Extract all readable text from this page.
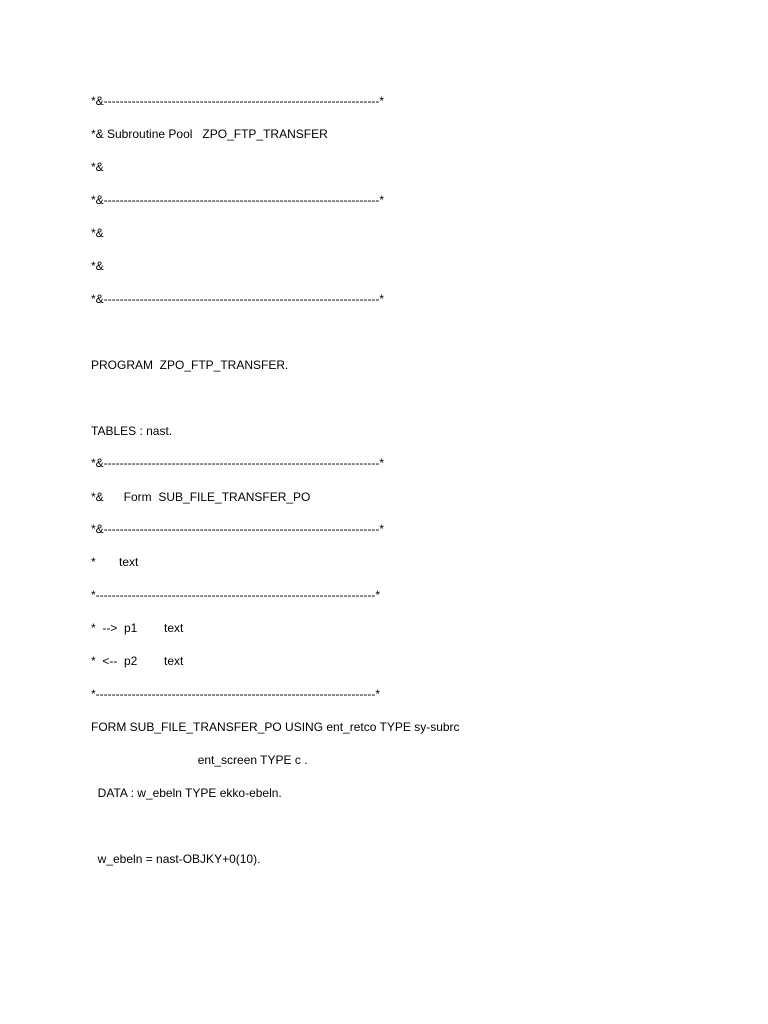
*&---------------------------------------------------------------------*
*& Subroutine Pool   ZPO_FTP_TRANSFER
*&
*&---------------------------------------------------------------------*
*&
*&
*&---------------------------------------------------------------------*
PROGRAM  ZPO_FTP_TRANSFER.
TABLES : nast.
*&---------------------------------------------------------------------*
*&      Form  SUB_FILE_TRANSFER_PO
*&---------------------------------------------------------------------*
*       text
*----------------------------------------------------------------------*
*  -->  p1        text
*  <--  p2        text
*----------------------------------------------------------------------*
FORM SUB_FILE_TRANSFER_PO USING ent_retco TYPE sy-subrc
ent_screen TYPE c .
DATA : w_ebeln TYPE ekko-ebeln.
w_ebeln = nast-OBJKY+0(10).
